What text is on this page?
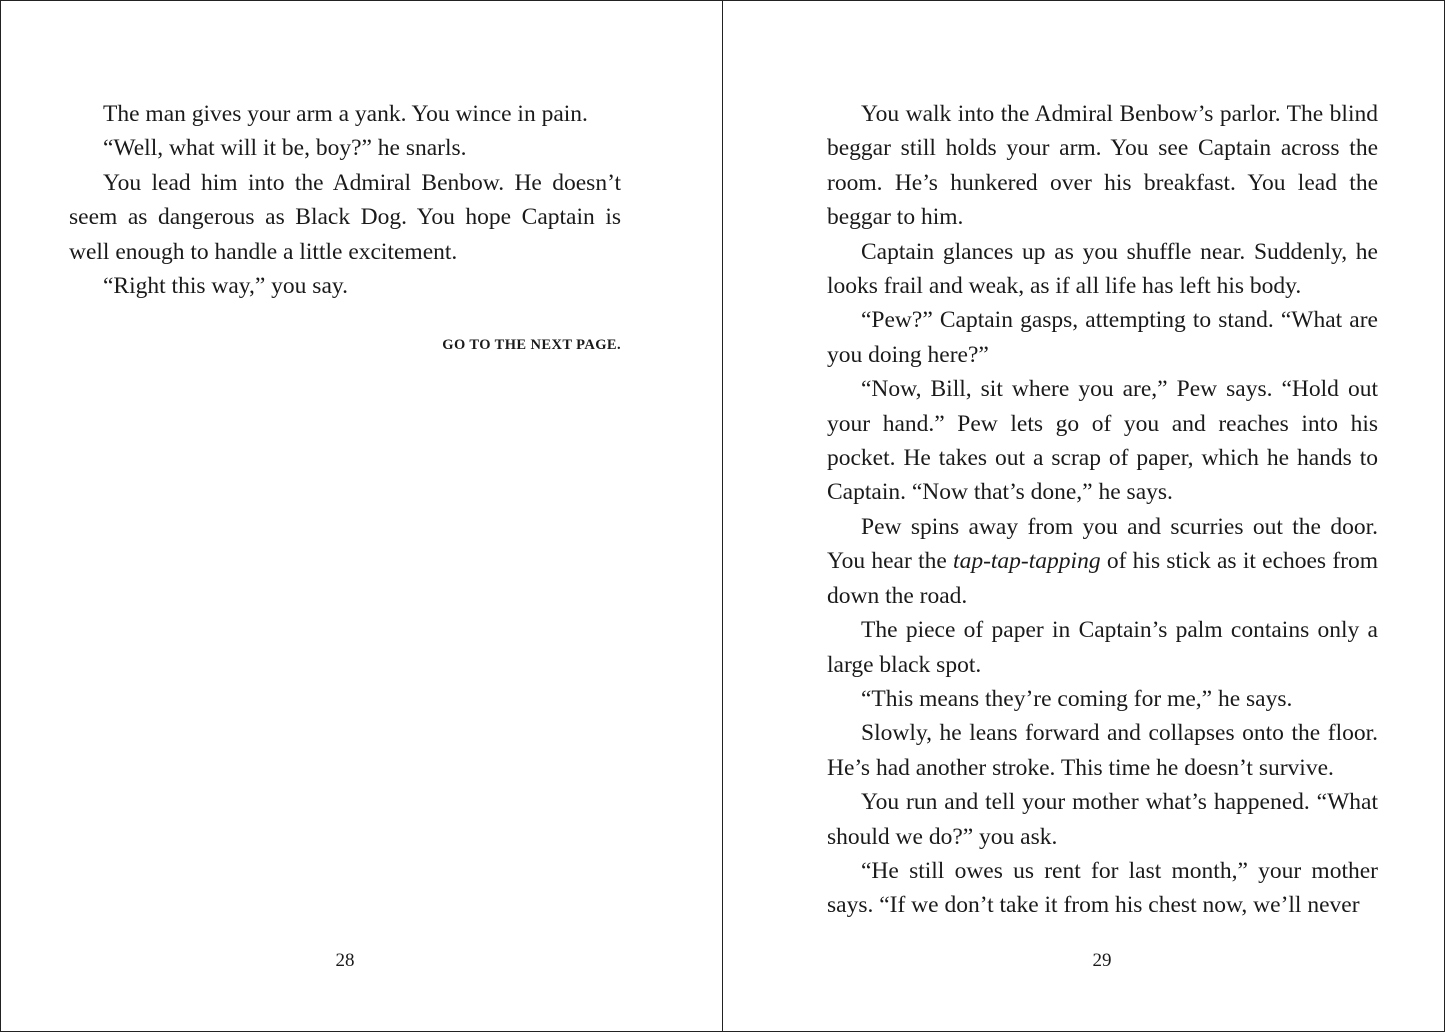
The man gives your arm a yank. You wince in pain.

“Well, what will it be, boy?” he snarls.

You lead him into the Admiral Benbow. He doesn’t seem as dangerous as Black Dog. You hope Captain is well enough to handle a little excitement.

“Right this way,” you say.

GO TO THE NEXT PAGE.

28

You walk into the Admiral Benbow’s parlor. The blind beggar still holds your arm. You see Captain across the room. He’s hunkered over his breakfast. You lead the beggar to him.

Captain glances up as you shuffle near. Suddenly, he looks frail and weak, as if all life has left his body.

“Pew?” Captain gasps, attempting to stand. “What are you doing here?”

“Now, Bill, sit where you are,” Pew says. “Hold out your hand.” Pew lets go of you and reaches into his pocket. He takes out a scrap of paper, which he hands to Captain. “Now that’s done,” he says.

Pew spins away from you and scurries out the door. You hear the tap-tap-tapping of his stick as it echoes from down the road.

The piece of paper in Captain’s palm contains only a large black spot.

“This means they’re coming for me,” he says.

Slowly, he leans forward and collapses onto the floor. He’s had another stroke. This time he doesn’t survive.

You run and tell your mother what’s happened. “What should we do?” you ask.

“He still owes us rent for last month,” your mother says. “If we don’t take it from his chest now, we’ll never

29
